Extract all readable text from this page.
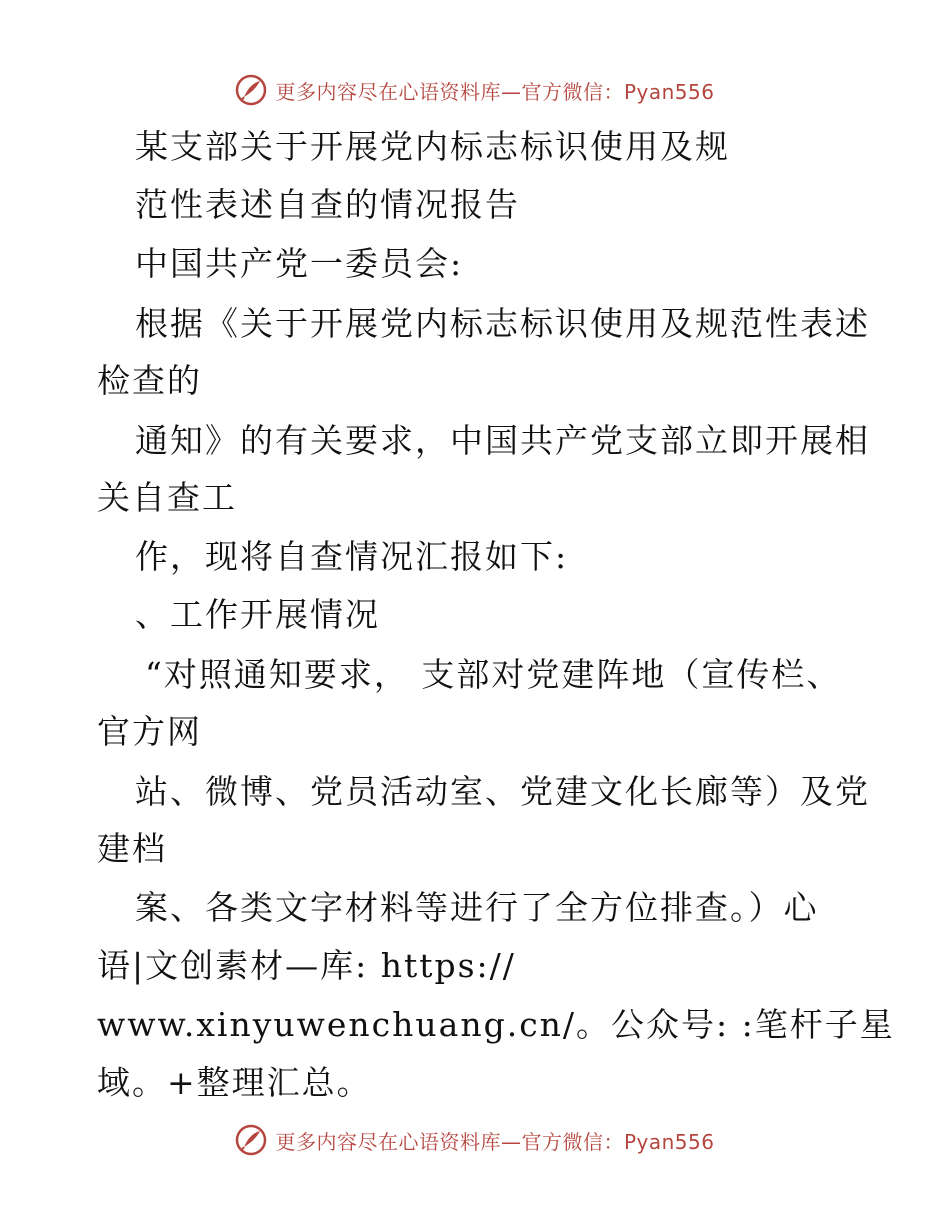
更多内容尽在心语资料库—官方微信：Pyan556
某支部关于开展党内标志标识使用及规
范性表述自查的情况报告
中国共产党一委员会:
根据《关于开展党内标志标识使用及规范性表述
检查的
通知》的有关要求，中国共产党支部立即开展相
关自查工
作，现将自查情况汇报如下:
、工作开展情况
“对照通知要求， 支部对党建阵地（宣传栏、
官方网
站、微博、党员活动室、党建文化长廊等）及党
建档
案、各类文字材料等进行了全方位排查。）心
语|文创素材—库: https://
www.xinyuwenchuang.cn/。公众号: :笔杆子星
域。+整理汇总。
更多内容尽在心语资料库—官方微信：Pyan556
